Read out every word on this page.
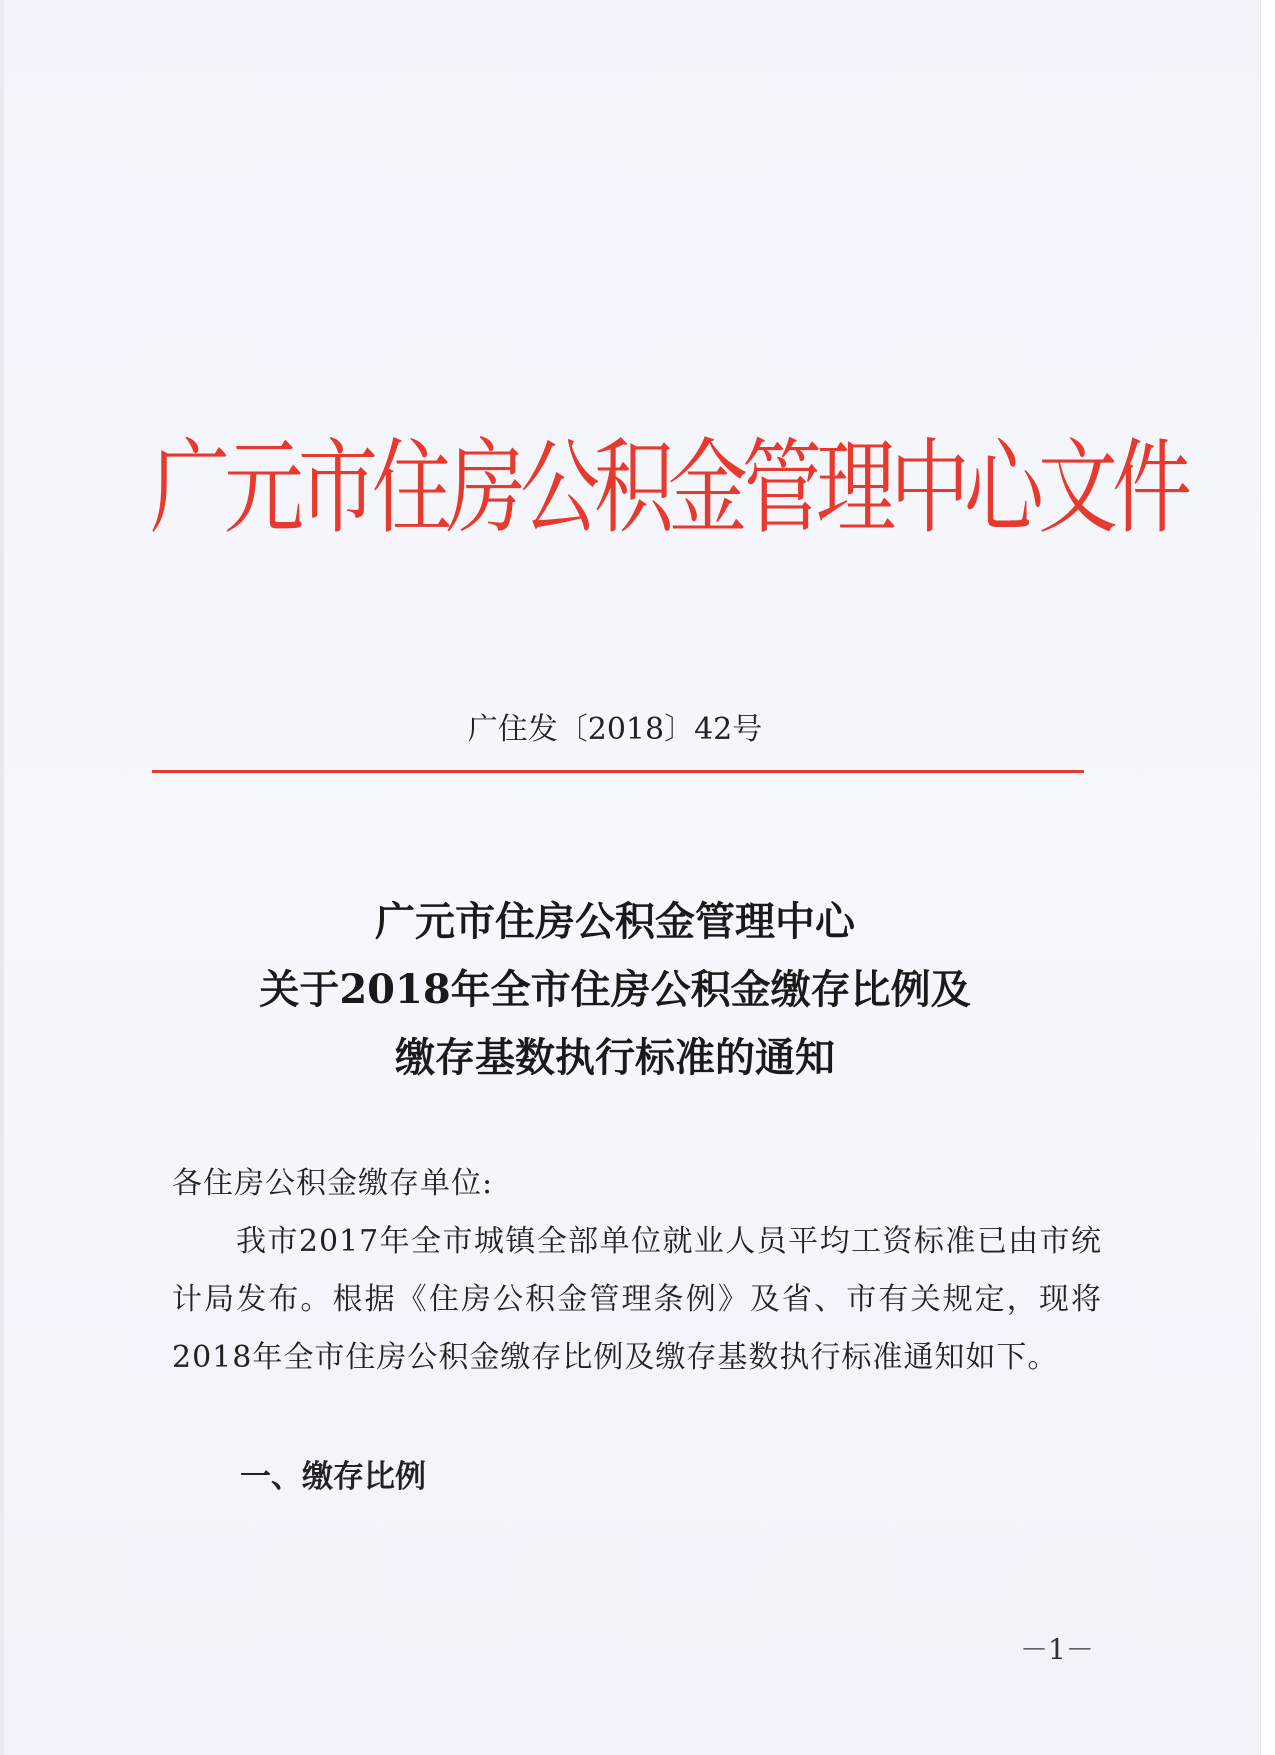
广元市住房公积金管理中心文件
广住发〔2018〕42号
广元市住房公积金管理中心
关于2018年全市住房公积金缴存比例及
缴存基数执行标准的通知
各住房公积金缴存单位:
我市2017年全市城镇全部单位就业人员平均工资标准已由市统计局发布。根据《住房公积金管理条例》及省、市有关规定，现将2018年全市住房公积金缴存比例及缴存基数执行标准通知如下。
一、缴存比例
－1－
